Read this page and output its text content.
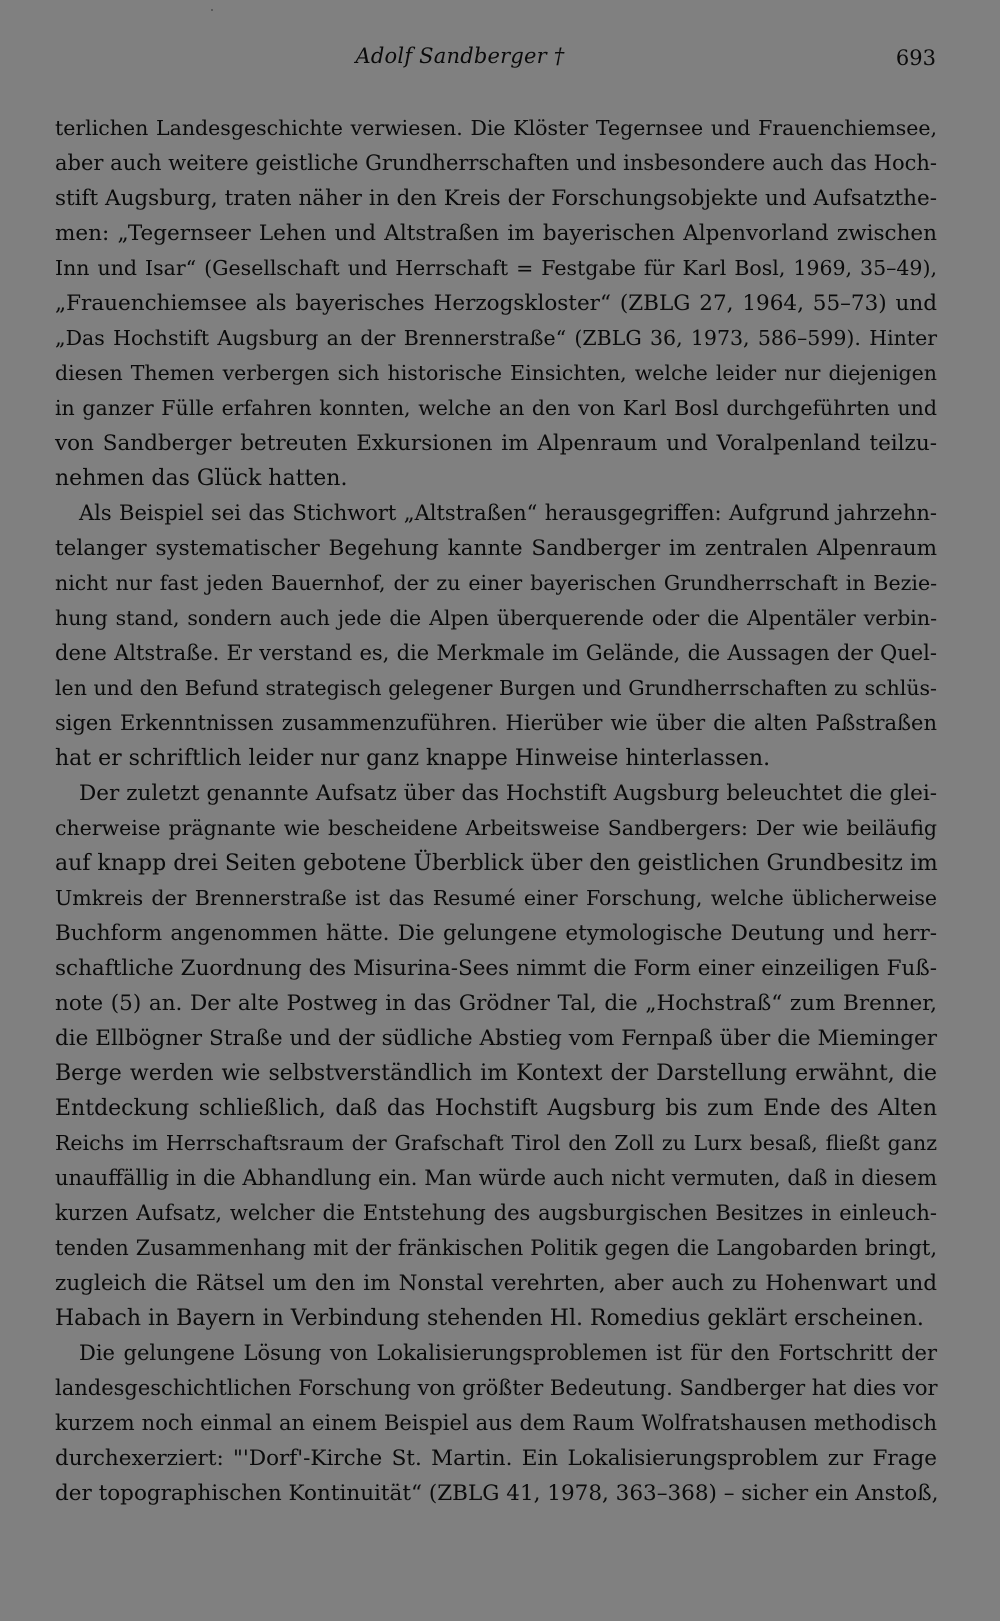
Adolf Sandberger †	693
terlichen Landesgeschichte verwiesen. Die Klöster Tegernsee und Frauenchiemsee,
aber auch weitere geistliche Grundherrschaften und insbesondere auch das Hoch-
stift Augsburg, traten näher in den Kreis der Forschungsobjekte und Aufsatzthe-
men: „Tegernseer Lehen und Altstraßen im bayerischen Alpenvorland zwischen
Inn und Isar“ (Gesellschaft und Herrschaft = Festgabe für Karl Bosl, 1969, 35–49),
„Frauenchiemsee als bayerisches Herzogskloster“ (ZBLG 27, 1964, 55–73) und
„Das Hochstift Augsburg an der Brennerstraße“ (ZBLG 36, 1973, 586–599). Hinter
diesen Themen verbergen sich historische Einsichten, welche leider nur diejenigen
in ganzer Fülle erfahren konnten, welche an den von Karl Bosl durchgeführten und
von Sandberger betreuten Exkursionen im Alpenraum und Voralpenland teilzu-
nehmen das Glück hatten.
Als Beispiel sei das Stichwort „Altstraßen“ herausgegriffen: Aufgrund jahrzehn-
telanger systematischer Begehung kannte Sandberger im zentralen Alpenraum
nicht nur fast jeden Bauernhof, der zu einer bayerischen Grundherrschaft in Bezie-
hung stand, sondern auch jede die Alpen überquerende oder die Alpentäler verbin-
dene Altstraße. Er verstand es, die Merkmale im Gelände, die Aussagen der Quel-
len und den Befund strategisch gelegener Burgen und Grundherrschaften zu schlüs-
sigen Erkenntnissen zusammenzuführen. Hierüber wie über die alten Paßstraßen
hat er schriftlich leider nur ganz knappe Hinweise hinterlassen.
Der zuletzt genannte Aufsatz über das Hochstift Augsburg beleuchtet die glei-
cherweise prägnante wie bescheidene Arbeitsweise Sandbergers: Der wie beiläufig
auf knapp drei Seiten gebotene Überblick über den geistlichen Grundbesitz im
Umkreis der Brennerstraße ist das Resumé einer Forschung, welche üblicherweise
Buchform angenommen hätte. Die gelungene etymologische Deutung und herr-
schaftliche Zuordnung des Misurina-Sees nimmt die Form einer einzeiligen Fuß-
note (5) an. Der alte Postweg in das Grödner Tal, die „Hochstraß“ zum Brenner,
die Ellbögner Straße und der südliche Abstieg vom Fernpaß über die Mieminger
Berge werden wie selbstverständlich im Kontext der Darstellung erwähnt, die
Entdeckung schließlich, daß das Hochstift Augsburg bis zum Ende des Alten
Reichs im Herrschaftsraum der Grafschaft Tirol den Zoll zu Lurx besaß, fließt ganz
unauffällig in die Abhandlung ein. Man würde auch nicht vermuten, daß in diesem
kurzen Aufsatz, welcher die Entstehung des augsburgischen Besitzes in einleuch-
tenden Zusammenhang mit der fränkischen Politik gegen die Langobarden bringt,
zugleich die Rätsel um den im Nonstal verehrten, aber auch zu Hohenwart und
Habach in Bayern in Verbindung stehenden Hl. Romedius geklärt erscheinen.
Die gelungene Lösung von Lokalisierungsproblemen ist für den Fortschritt der
landesgeschichtlichen Forschung von größter Bedeutung. Sandberger hat dies vor
kurzem noch einmal an einem Beispiel aus dem Raum Wolfratshausen methodisch
durchexerziert: "'Dorf'-Kirche St. Martin. Ein Lokalisierungsproblem zur Frage
der topographischen Kontinuität“ (ZBLG 41, 1978, 363–368) – sicher ein Anstoß,
